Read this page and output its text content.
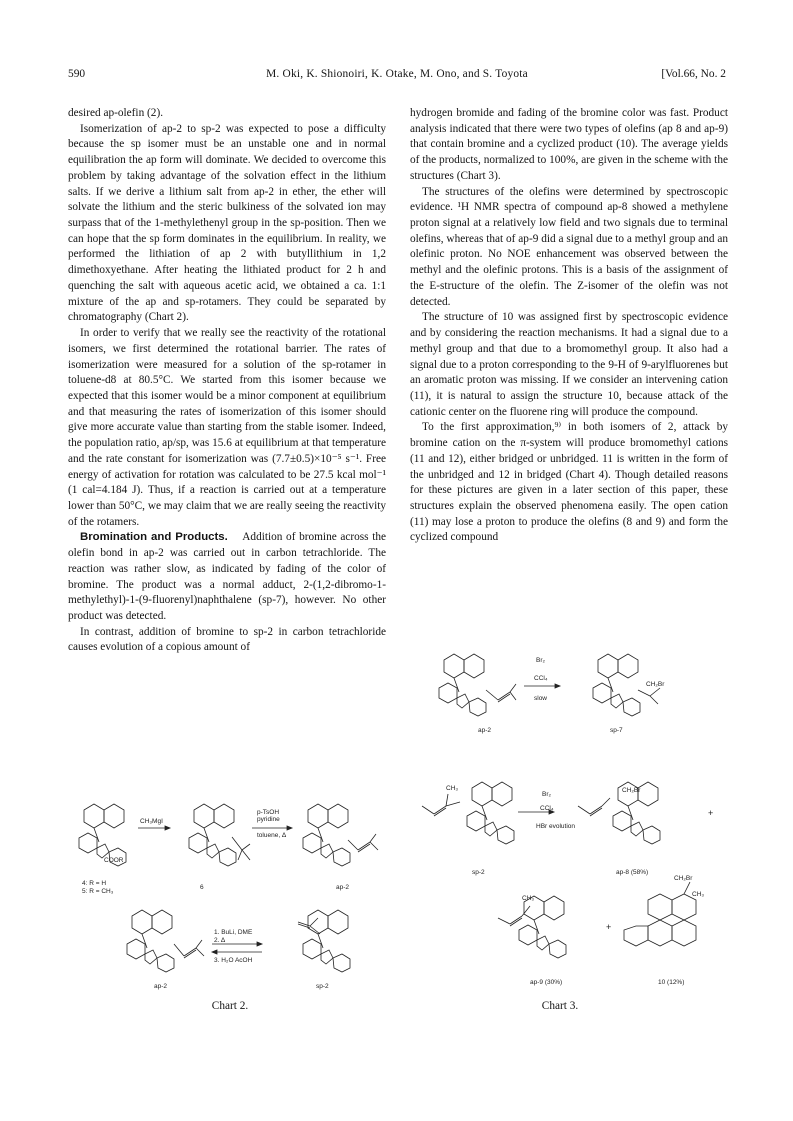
590	M. Oki, K. Shionoiri, K. Otake, M. Ono, and S. Toyota	[Vol.66, No. 2

desired ap-olefin (2).

Isomerization of ap-2 to sp-2 was expected to pose a difficulty because the sp isomer must be an unstable one and in normal equilibration the ap form will dominate. We decided to overcome this problem by taking advantage of the solvation effect in the lithium salts. If we derive a lithium salt from ap-2 in ether, the ether will solvate the lithium and the steric bulkiness of the solvated ion may surpass that of the 1-methylethenyl group in the sp-position. Then we can hope that the sp form dominates in the equilibrium. In reality, we performed the lithiation of ap 2 with butyllithium in 1,2 dimethoxyethane. After heating the lithiated product for 2 h and quenching the salt with aqueous acetic acid, we obtained a ca. 1:1 mixture of the ap and sp-rotamers. They could be separated by chromatography (Chart 2).

In order to verify that we really see the reactivity of the rotational isomers, we first determined the rotational barrier. The rates of isomerization were measured for a solution of the sp-rotamer in toluene-d8 at 80.5°C. We started from this isomer because we expected that this isomer would be a minor component at equilibrium and that measuring the rates of isomerization of this isomer should give more accurate value than starting from the stable isomer. Indeed, the population ratio, ap/sp, was 15.6 at equilibrium at that temperature and the rate constant for isomerization was (7.7±0.5)×10⁻⁵ s⁻¹. Free energy of activation for rotation was calculated to be 27.5 kcal mol⁻¹ (1 cal=4.184 J). Thus, if a reaction is carried out at a temperature lower than 50°C, we may claim that we are really seeing the reactivity of the rotamers.

Bromination and Products. Addition of bromine across the olefin bond in ap-2 was carried out in carbon tetrachloride. The reaction was rather slow, as indicated by fading of the color of bromine. The product was a normal adduct, 2-(1,2-dibromo-1-methylethyl)-1-(9-fluorenyl)naphthalene (sp-7), however. No other product was detected.

In contrast, addition of bromine to sp-2 in carbon tetrachloride causes evolution of a copious amount of

hydrogen bromide and fading of the bromine color was fast. Product analysis indicated that there were two types of olefins (ap 8 and ap-9) that contain bromine and a cyclized product (10). The average yields of the products, normalized to 100%, are given in the scheme with the structures (Chart 3).

The structures of the olefins were determined by spectroscopic evidence. ¹H NMR spectra of compound ap-8 showed a methylene proton signal at a relatively low field and two signals due to terminal olefins, whereas that of ap-9 did a signal due to a methyl group and an olefinic proton. No NOE enhancement was observed between the methyl and the olefinic protons. This is a basis of the assignment of the E-structure of the olefin. The Z-isomer of the olefin was not detected.

The structure of 10 was assigned first by spectroscopic evidence and by considering the reaction mechanisms. It had a signal due to a methyl group and that due to a bromomethyl group. It also had a signal due to a proton corresponding to the 9-H of 9-arylfluorenes but an aromatic proton was missing. If we consider an intervening cation (11), it is natural to assign the structure 10, because attack of the cationic center on the fluorene ring will produce the compound.

To the first approximation,⁹⁾ in both isomers of 2, attack by bromine cation on the π-system will produce bromomethyl cations (11 and 12), either bridged or unbridged. 11 is written in the form of the unbridged and 12 in bridged (Chart 4). Though detailed reasons for these pictures are given in a later section of this paper, these structures explain the observed phenomena easily. The open cation (11) may lose a proton to produce the olefins (8 and 9) and form the cyclized compound

CH₃MgI
p-TsOH
pyridine
toluene, Δ
COOR
4: R = H
5: R = CH₃
6	ap-2
1. BuLi, DME
2. Δ
3. H₂O AcOH
ap-2	sp-2
Chart 2.
Br₂
CCl₄
slow
CH₂Br
ap-2	sp-7
CH₃
Br₂
CCl₄
HBr evolution
CH₂Br
+
sp-2	ap-8 (58%)
CH₃
+
CH₂Br
CH₃
ap-9 (30%)	10 (12%)
Chart 3.
